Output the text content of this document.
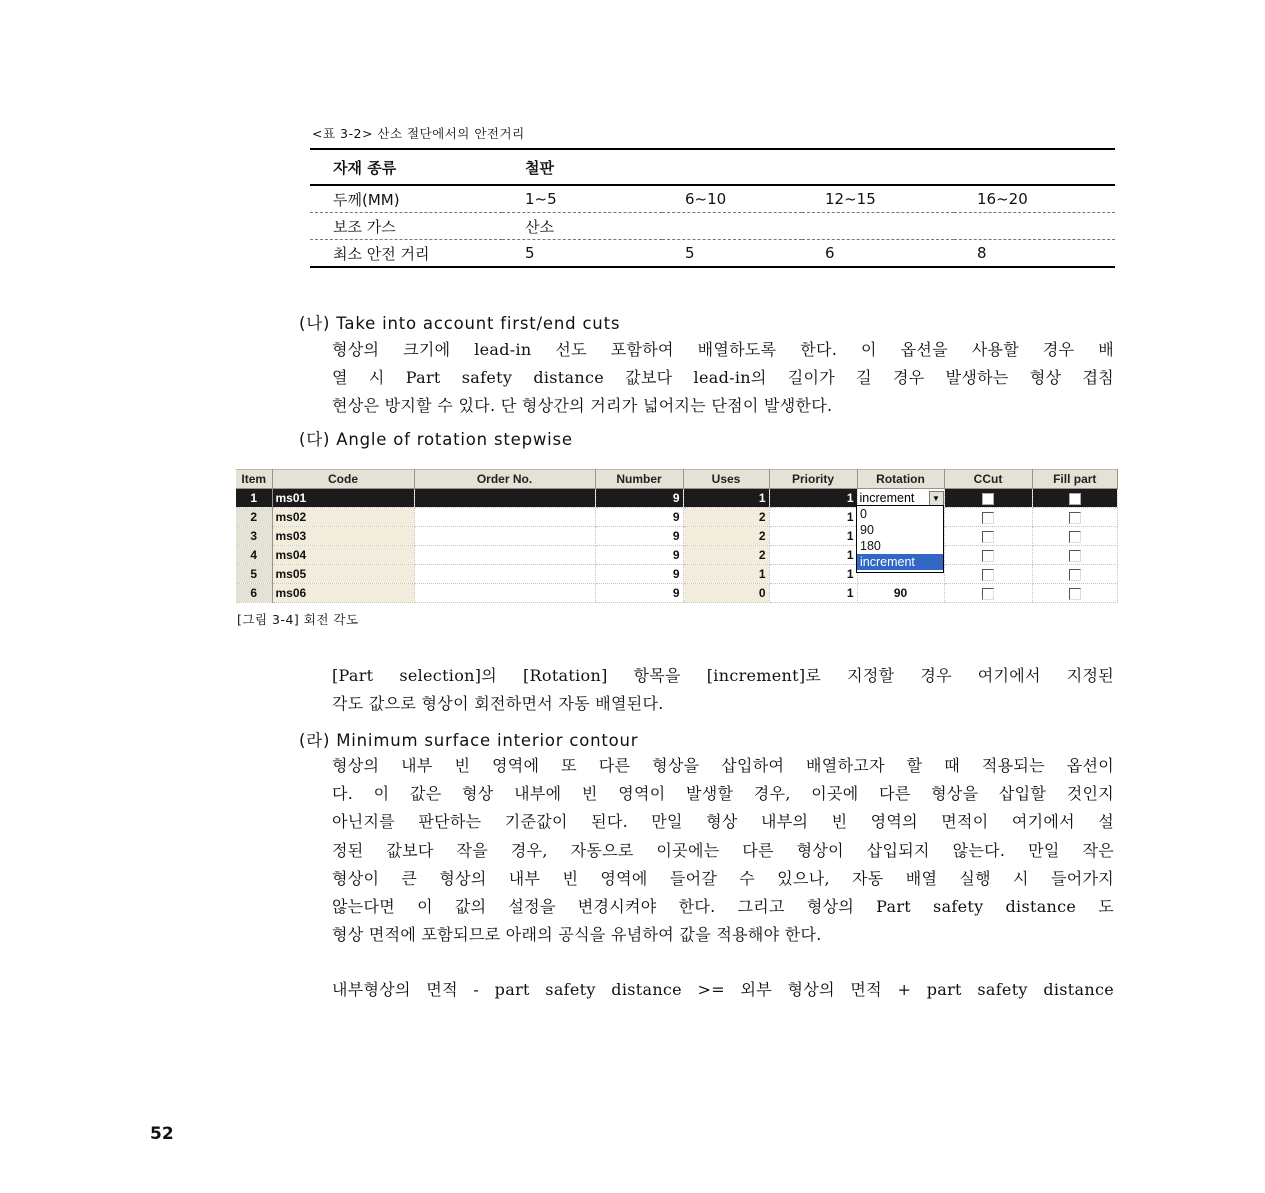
<표 3-2> 산소 절단에서의 안전거리
자재 종류	철판			
두께(MM)	1~5	6~10	12~15	16~20
보조 가스	산소			
최소 안전 거리	5	5	6	8
(나) Take into account first/end cuts
형상의 크기에 lead-in 선도 포함하여 배열하도록 한다. 이 옵션을 사용할 경우 배
열 시 Part safety distance 값보다 lead-in의 길이가 길 경우 발생하는 형상 겹침
현상은 방지할 수 있다. 단 형상간의 거리가 넓어지는 단점이 발생한다.
(다) Angle of rotation stepwise
Item	Code	Order No.	Number	Uses	Priority	Rotation	CCut	Fill part
1	ms01		9	1	1	increment ▼		

2	ms02		9	2	1			
3	ms03		9	2	1			
4	ms04		9	2	1			
5	ms05		9	1	1			
6	ms06		9	0	1	90		
0
90
180
increment
[그림 3-4] 회전 각도
[Part selection]의 [Rotation] 항목을 [increment]로 지정할 경우 여기에서 지정된
각도 값으로 형상이 회전하면서 자동 배열된다.
(라) Minimum surface interior contour
형상의 내부 빈 영역에 또 다른 형상을 삽입하여 배열하고자 할 때 적용되는 옵션이
다. 이 값은 형상 내부에 빈 영역이 발생할 경우, 이곳에 다른 형상을 삽입할 것인지
아닌지를 판단하는 기준값이 된다. 만일 형상 내부의 빈 영역의 면적이 여기에서 설
정된 값보다 작을 경우, 자동으로 이곳에는 다른 형상이 삽입되지 않는다. 만일 작은
형상이 큰 형상의 내부 빈 영역에 들어갈 수 있으나, 자동 배열 실행 시 들어가지
않는다면 이 값의 설정을 변경시켜야 한다. 그리고 형상의 Part safety distance 도
형상 면적에 포함되므로 아래의 공식을 유념하여 값을 적용해야 한다.
내부형상의 면적 - part safety distance >= 외부 형상의 면적 + part safety distance
52
